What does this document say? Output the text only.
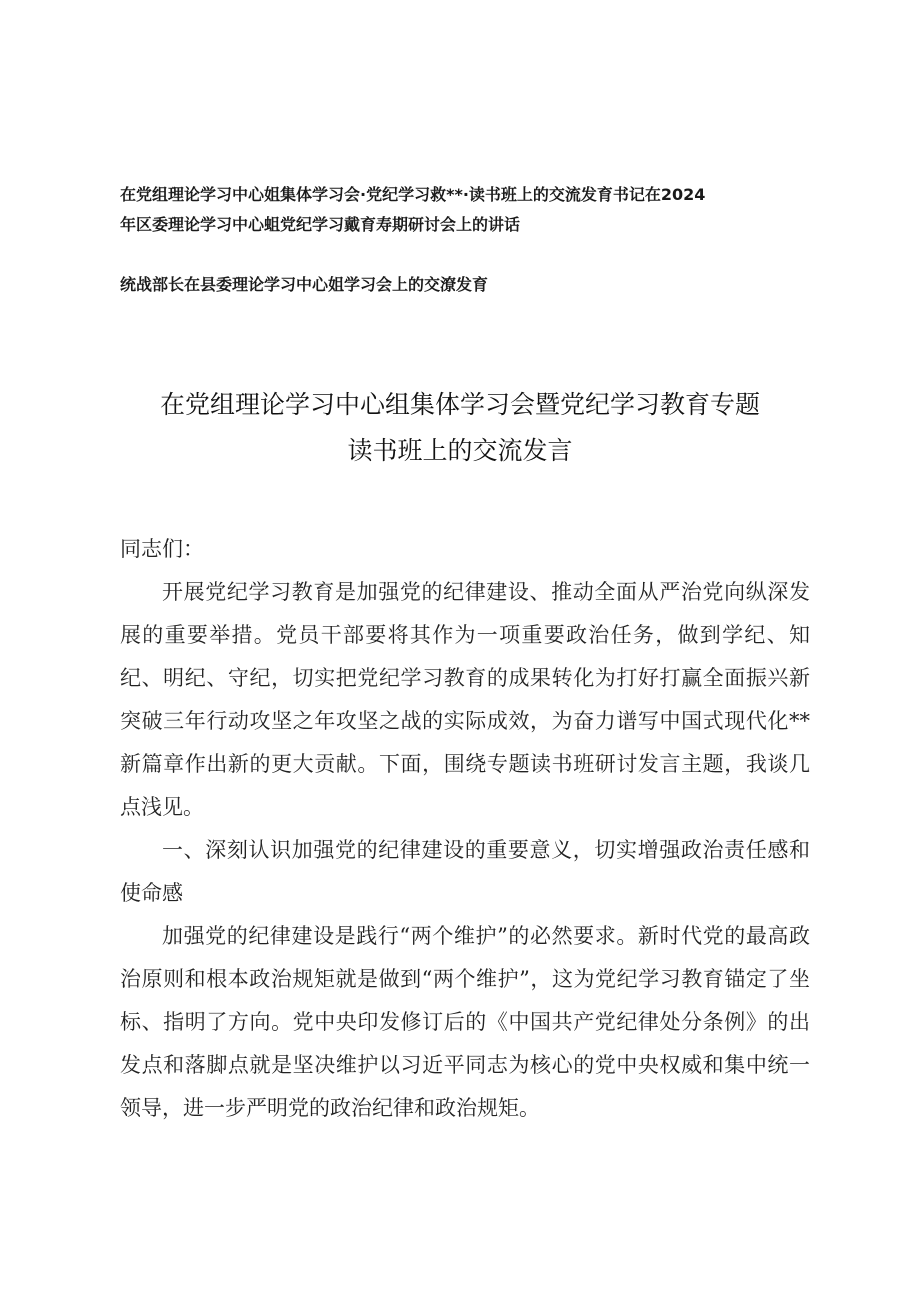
在党组理论学习中心姐集体学习会·党纪学习救**·读书班上的交流发育书记在2024

年区委理论学习中心蛆党纪学习戴育寿期研讨会上的讲话

统战部长在县委理论学习中心姐学习会上的交潦发育

在党组理论学习中心组集体学习会暨党纪学习教育专题

读书班上的交流发言

同志们：

开展党纪学习教育是加强党的纪律建设、推动全面从严治党向纵深发展的重要举措。党员干部要将其作为一项重要政治任务，做到学纪、知纪、明纪、守纪，切实把党纪学习教育的成果转化为打好打赢全面振兴新突破三年行动攻坚之年攻坚之战的实际成效，为奋力谱写中国式现代化**新篇章作出新的更大贡献。下面，围绕专题读书班研讨发言主题，我谈几点浅见。

一、深刻认识加强党的纪律建设的重要意义，切实增强政治责任感和使命感

加强党的纪律建设是践行“两个维护”的必然要求。新时代党的最高政治原则和根本政治规矩就是做到“两个维护”，这为党纪学习教育锚定了坐标、指明了方向。党中央印发修订后的《中国共产党纪律处分条例》的出发点和落脚点就是坚决维护以习近平同志为核心的党中央权威和集中统一领导，进一步严明党的政治纪律和政治规矩。
